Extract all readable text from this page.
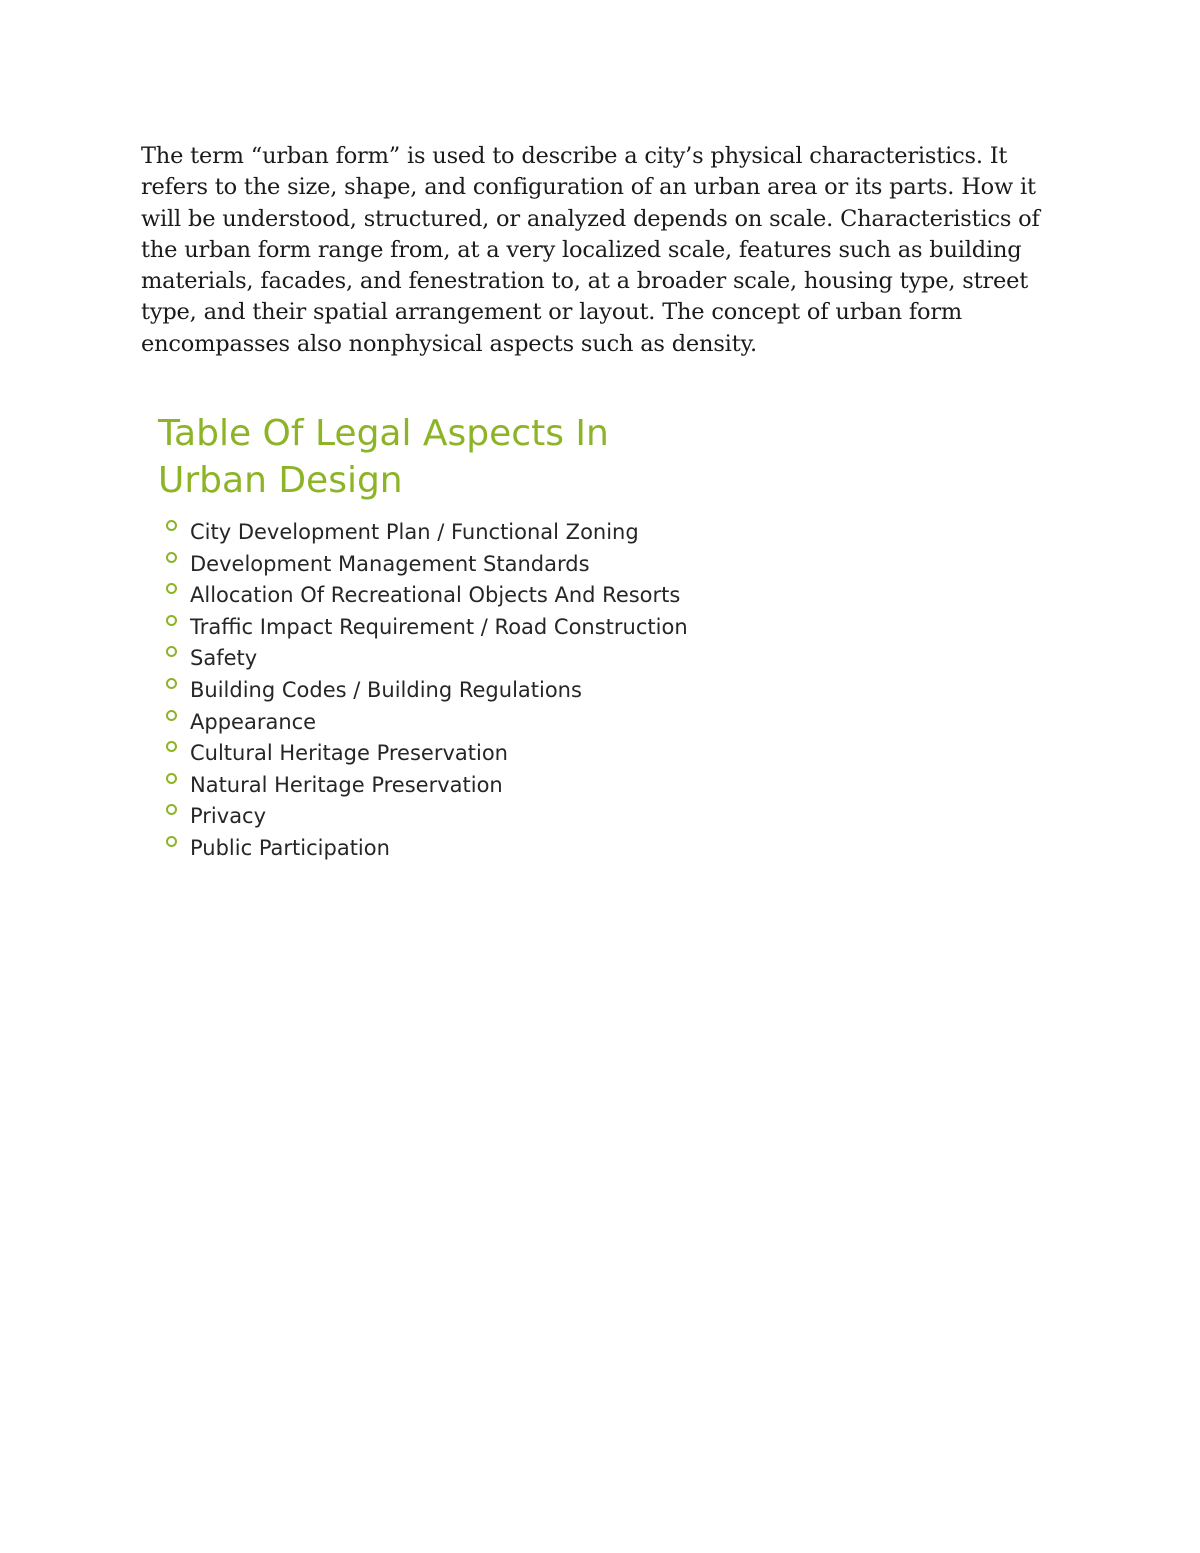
The term “urban form” is used to describe a city’s physical characteristics. It refers to the size, shape, and configuration of an urban area or its parts. How it will be understood, structured, or analyzed depends on scale. Characteristics of the urban form range from, at a very localized scale, features such as building materials, facades, and fenestration to, at a broader scale, housing type, street type, and their spatial arrangement or layout. The concept of urban form encompasses also nonphysical aspects such as density.

Table Of Legal Aspects In Urban Design
City Development Plan / Functional Zoning
Development Management Standards
Allocation Of Recreational Objects And Resorts
Traffic Impact Requirement / Road Construction
Safety
Building Codes / Building Regulations
Appearance
Cultural Heritage Preservation
Natural Heritage Preservation
Privacy
Public Participation
